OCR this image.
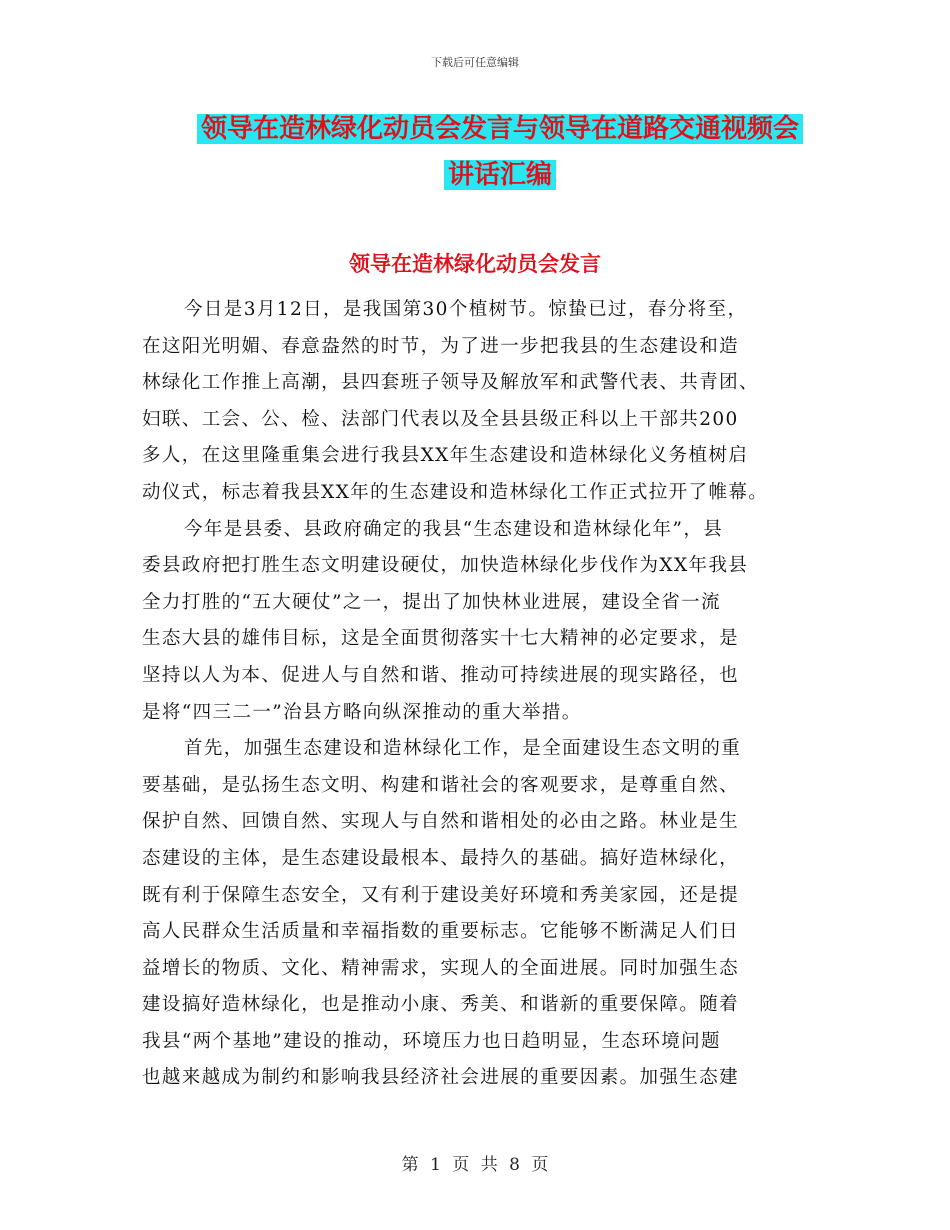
下载后可任意编辑
领导在造林绿化动员会发言与领导在道路交通视频会
讲话汇编
领导在造林绿化动员会发言
今日是3月12日，是我国第30个植树节。惊蛰已过，春分将至，
在这阳光明媚、春意盎然的时节，为了进一步把我县的生态建设和造
林绿化工作推上高潮，县四套班子领导及解放军和武警代表、共青团、
妇联、工会、公、检、法部门代表以及全县县级正科以上干部共200
多人，在这里隆重集会进行我县XX年生态建设和造林绿化义务植树启
动仪式，标志着我县XX年的生态建设和造林绿化工作正式拉开了帷幕。
今年是县委、县政府确定的我县“生态建设和造林绿化年”，县
委县政府把打胜生态文明建设硬仗，加快造林绿化步伐作为XX年我县
全力打胜的“五大硬仗”之一，提出了加快林业进展，建设全省一流
生态大县的雄伟目标，这是全面贯彻落实十七大精神的必定要求，是
坚持以人为本、促进人与自然和谐、推动可持续进展的现实路径，也
是将“四三二一”治县方略向纵深推动的重大举措。
首先，加强生态建设和造林绿化工作，是全面建设生态文明的重
要基础，是弘扬生态文明、构建和谐社会的客观要求，是尊重自然、
保护自然、回馈自然、实现人与自然和谐相处的必由之路。林业是生
态建设的主体，是生态建设最根本、最持久的基础。搞好造林绿化，
既有利于保障生态安全，又有利于建设美好环境和秀美家园，还是提
高人民群众生活质量和幸福指数的重要标志。它能够不断满足人们日
益增长的物质、文化、精神需求，实现人的全面进展。同时加强生态
建设搞好造林绿化，也是推动小康、秀美、和谐新的重要保障。随着
我县“两个基地”建设的推动，环境压力也日趋明显，生态环境问题
也越来越成为制约和影响我县经济社会进展的重要因素。加强生态建
第 1 页 共 8 页
